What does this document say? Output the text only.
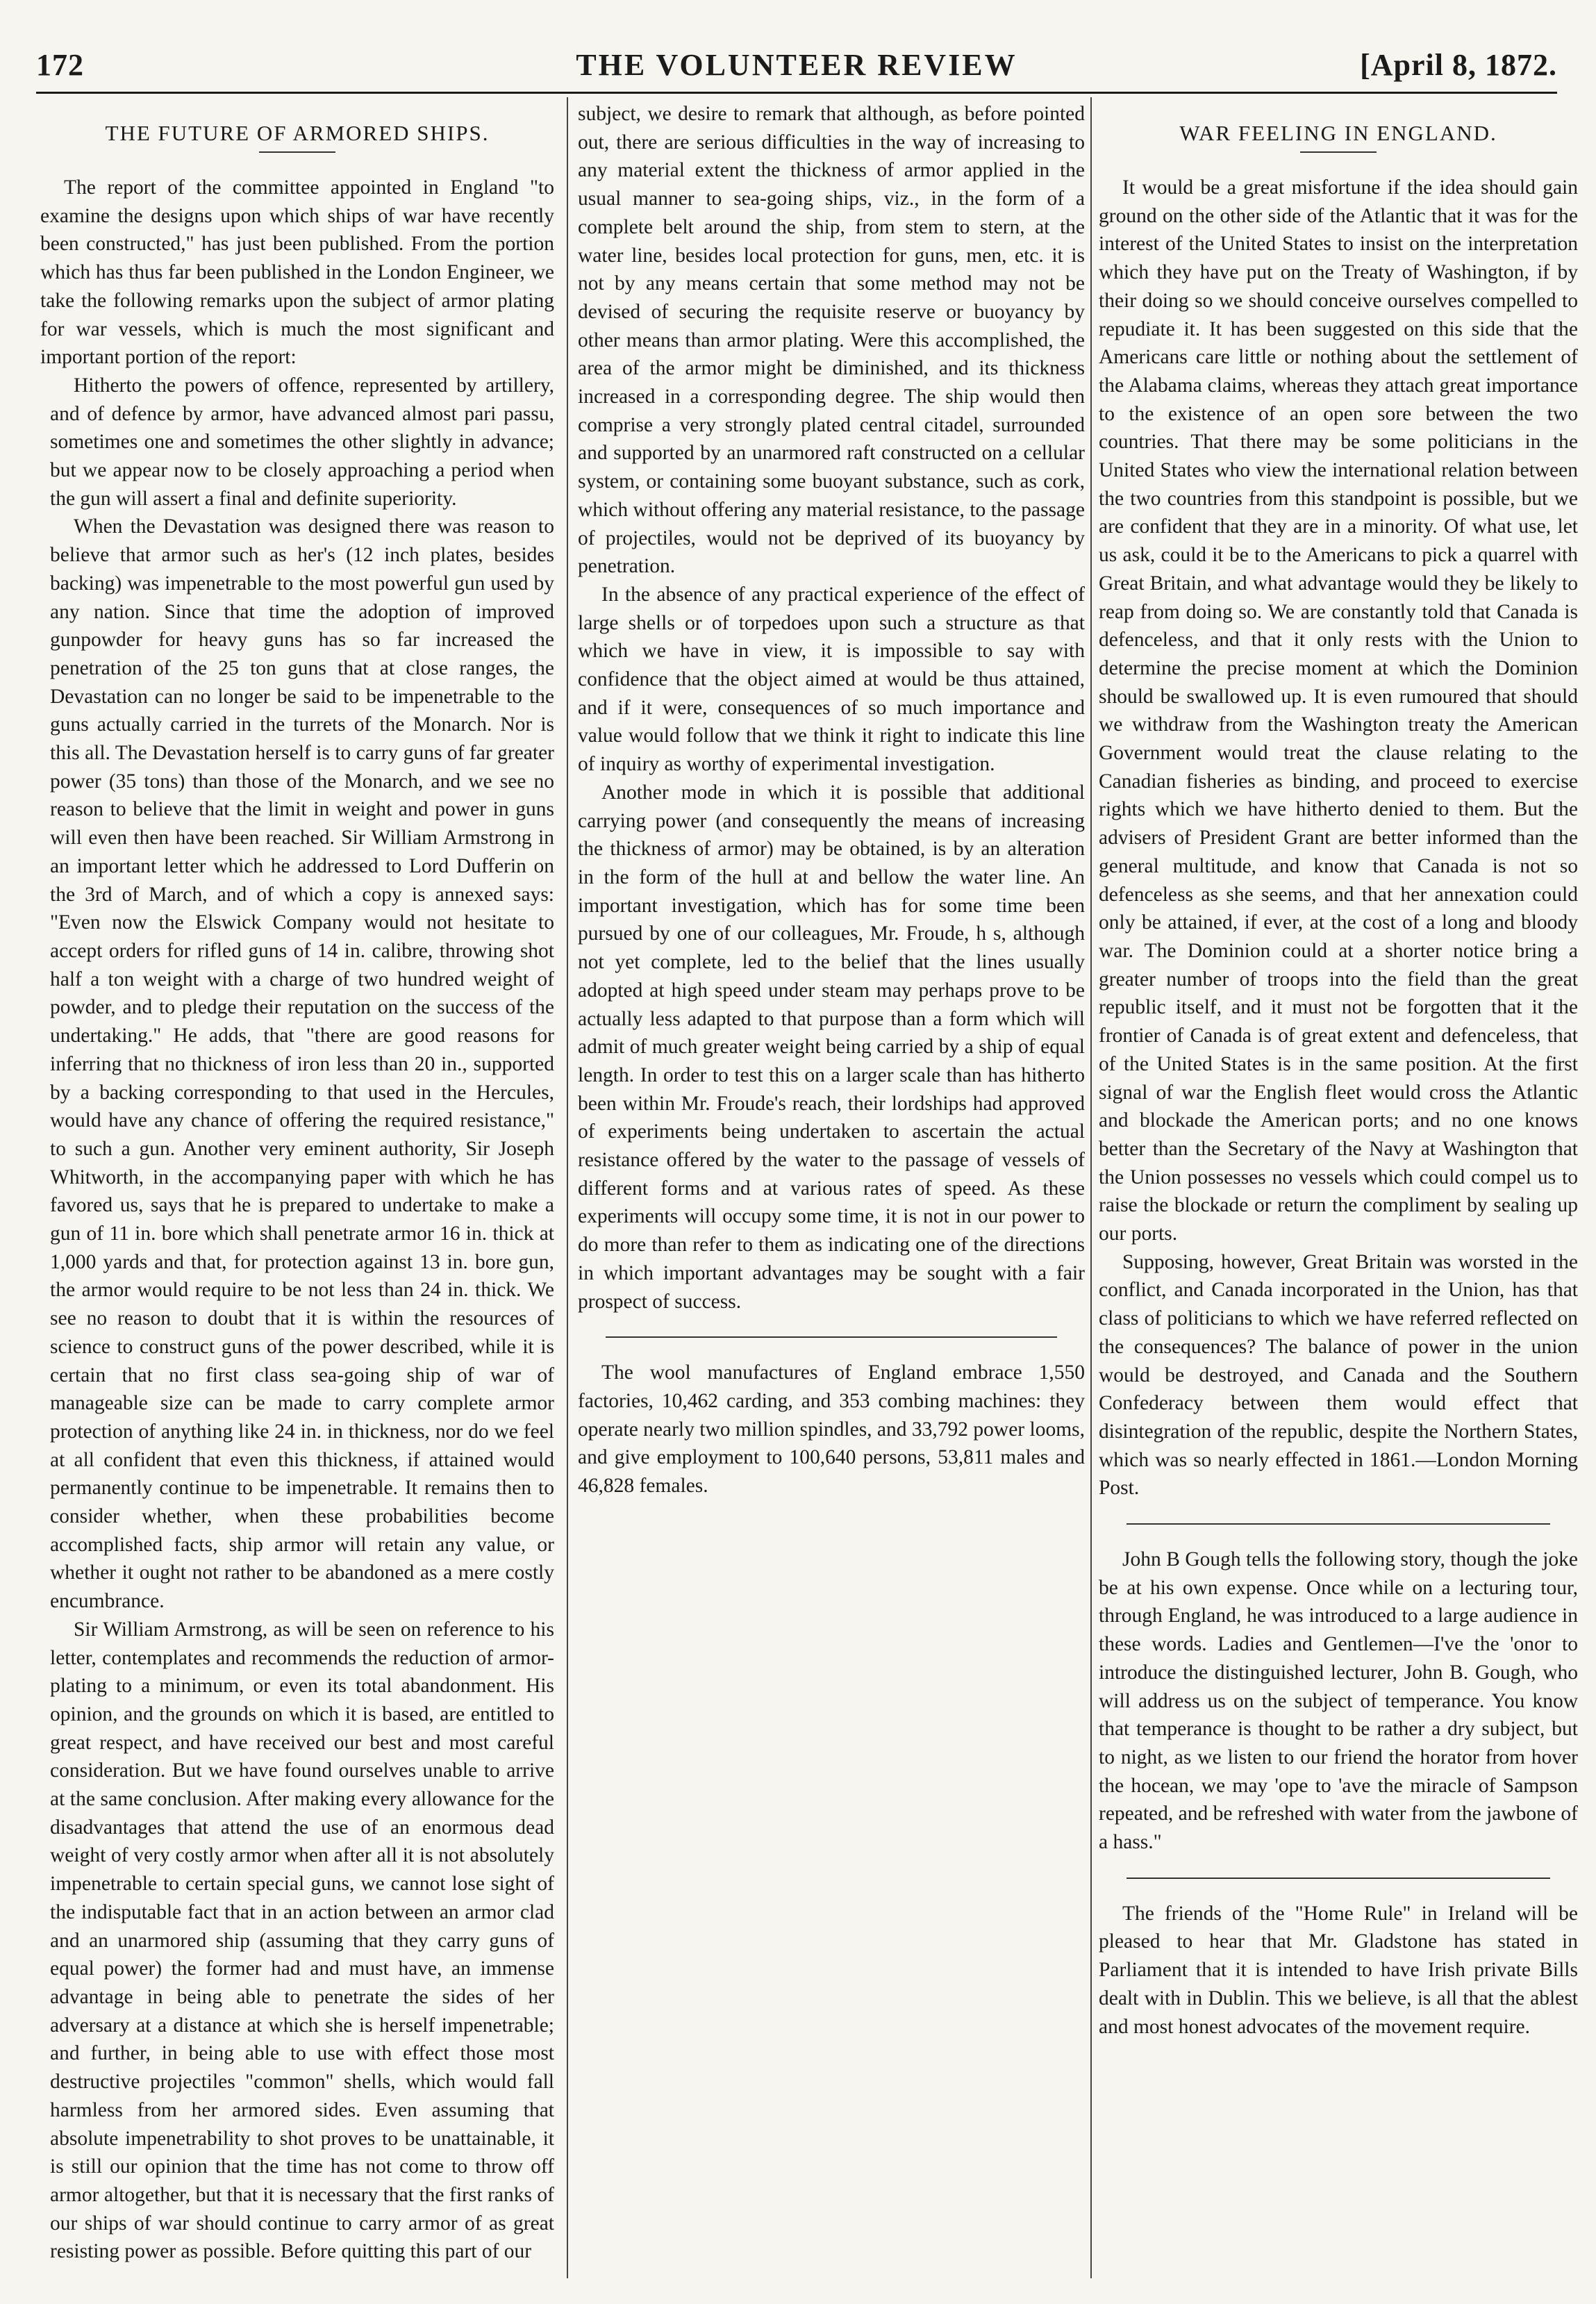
172	THE VOLUNTEER REVIEW	[April 8, 1872.
THE FUTURE OF ARMORED SHIPS.

The report of the committee appointed in England "to examine the designs upon which ships of war have recently been constructed," has just been published. From the portion which has thus far been published in the London Engineer, we take the following remarks upon the subject of armor plating for war vessels, which is much the most significant and important portion of the report:

Hitherto the powers of offence, represented by artillery, and of defence by armor, have advanced almost pari passu, sometimes one and sometimes the other slightly in advance; but we appear now to be closely approaching a period when the gun will assert a final and definite superiority.

When the Devastation was designed there was reason to believe that armor such as her's (12 inch plates, besides backing) was impenetrable to the most powerful gun used by any nation. Since that time the adoption of improved gunpowder for heavy guns has so far increased the penetration of the 25 ton guns that at close ranges, the Devastation can no longer be said to be impenetrable to the guns actually carried in the turrets of the Monarch. Nor is this all. The Devastation herself is to carry guns of far greater power (35 tons) than those of the Monarch, and we see no reason to believe that the limit in weight and power in guns will even then have been reached. Sir William Armstrong in an important letter which he addressed to Lord Dufferin on the 3rd of March, and of which a copy is annexed says: "Even now the Elswick Company would not hesitate to accept orders for rifled guns of 14 in. calibre, throwing shot half a ton weight with a charge of two hundred weight of powder, and to pledge their reputation on the success of the undertaking." He adds, that "there are good reasons for inferring that no thickness of iron less than 20 in., supported by a backing corresponding to that used in the Hercules, would have any chance of offering the required resistance," to such a gun. Another very eminent authority, Sir Joseph Whitworth, in the accompanying paper with which he has favored us, says that he is prepared to undertake to make a gun of 11 in. bore which shall penetrate armor 16 in. thick at 1,000 yards and that, for protection against 13 in. bore gun, the armor would require to be not less than 24 in. thick. We see no reason to doubt that it is within the resources of science to construct guns of the power described, while it is certain that no first class sea-going ship of war of manageable size can be made to carry complete armor protection of anything like 24 in. in thickness, nor do we feel at all confident that even this thickness, if attained would permanently continue to be impenetrable. It remains then to consider whether, when these probabilities become accomplished facts, ship armor will retain any value, or whether it ought not rather to be abandoned as a mere costly encumbrance.

Sir William Armstrong, as will be seen on reference to his letter, contemplates and recommends the reduction of armor-plating to a minimum, or even its total abandonment. His opinion, and the grounds on which it is based, are entitled to great respect, and have received our best and most careful consideration. But we have found ourselves unable to arrive at the same conclusion. After making every allowance for the disadvantages that attend the use of an enormous dead weight of very costly armor when after all it is not absolutely impenetrable to certain special guns, we cannot lose sight of the indisputable fact that in an action between an armor clad and an unarmored ship (assuming that they carry guns of equal power) the former had and must have, an immense advantage in being able to penetrate the sides of her adversary at a distance at which she is herself impenetrable; and further, in being able to use with effect those most destructive projectiles "common" shells, which would fall harmless from her armored sides. Even assuming that absolute impenetrability to shot proves to be unattainable, it is still our opinion that the time has not come to throw off armor altogether, but that it is necessary that the first ranks of our ships of war should continue to carry armor of as great resisting power as possible. Before quitting this part of our

subject, we desire to remark that although, as before pointed out, there are serious difficulties in the way of increasing to any material extent the thickness of armor applied in the usual manner to sea-going ships, viz., in the form of a complete belt around the ship, from stem to stern, at the water line, besides local protection for guns, men, etc. it is not by any means certain that some method may not be devised of securing the requisite reserve or buoyancy by other means than armor plating. Were this accomplished, the area of the armor might be diminished, and its thickness increased in a corresponding degree. The ship would then comprise a very strongly plated central citadel, surrounded and supported by an unarmored raft constructed on a cellular system, or containing some buoyant substance, such as cork, which without offering any material resistance, to the passage of projectiles, would not be deprived of its buoyancy by penetration.

In the absence of any practical experience of the effect of large shells or of torpedoes upon such a structure as that which we have in view, it is impossible to say with confidence that the object aimed at would be thus attained, and if it were, consequences of so much importance and value would follow that we think it right to indicate this line of inquiry as worthy of experimental investigation.

Another mode in which it is possible that additional carrying power (and consequently the means of increasing the thickness of armor) may be obtained, is by an alteration in the form of the hull at and bellow the water line. An important investigation, which has for some time been pursued by one of our colleagues, Mr. Froude, h s, although not yet complete, led to the belief that the lines usually adopted at high speed under steam may perhaps prove to be actually less adapted to that purpose than a form which will admit of much greater weight being carried by a ship of equal length. In order to test this on a larger scale than has hitherto been within Mr. Froude's reach, their lordships had approved of experiments being undertaken to ascertain the actual resistance offered by the water to the passage of vessels of different forms and at various rates of speed. As these experiments will occupy some time, it is not in our power to do more than refer to them as indicating one of the directions in which important advantages may be sought with a fair prospect of success.

The wool manufactures of England embrace 1,550 factories, 10,462 carding, and 353 combing machines: they operate nearly two million spindles, and 33,792 power looms, and give employment to 100,640 persons, 53,811 males and 46,828 females.

WAR FEELING IN ENGLAND.

It would be a great misfortune if the idea should gain ground on the other side of the Atlantic that it was for the interest of the United States to insist on the interpretation which they have put on the Treaty of Washington, if by their doing so we should conceive ourselves compelled to repudiate it. It has been suggested on this side that the Americans care little or nothing about the settlement of the Alabama claims, whereas they attach great importance to the existence of an open sore between the two countries. That there may be some politicians in the United States who view the international relation between the two countries from this standpoint is possible, but we are confident that they are in a minority. Of what use, let us ask, could it be to the Americans to pick a quarrel with Great Britain, and what advantage would they be likely to reap from doing so. We are constantly told that Canada is defenceless, and that it only rests with the Union to determine the precise moment at which the Dominion should be swallowed up. It is even rumoured that should we withdraw from the Washington treaty the American Government would treat the clause relating to the Canadian fisheries as binding, and proceed to exercise rights which we have hitherto denied to them. But the advisers of President Grant are better informed than the general multitude, and know that Canada is not so defenceless as she seems, and that her annexation could only be attained, if ever, at the cost of a long and bloody war. The Dominion could at a shorter notice bring a greater number of troops into the field than the great republic itself, and it must not be forgotten that it the frontier of Canada is of great extent and defenceless, that of the United States is in the same position. At the first signal of war the English fleet would cross the Atlantic and blockade the American ports; and no one knows better than the Secretary of the Navy at Washington that the Union possesses no vessels which could compel us to raise the blockade or return the compliment by sealing up our ports.

Supposing, however, Great Britain was worsted in the conflict, and Canada incorporated in the Union, has that class of politicians to which we have referred reflected on the consequences? The balance of power in the union would be destroyed, and Canada and the Southern Confederacy between them would effect that disintegration of the republic, despite the Northern States, which was so nearly effected in 1861.—London Morning Post.

John B Gough tells the following story, though the joke be at his own expense. Once while on a lecturing tour, through England, he was introduced to a large audience in these words. Ladies and Gentlemen—I've the 'onor to introduce the distinguished lecturer, John B. Gough, who will address us on the subject of temperance. You know that temperance is thought to be rather a dry subject, but to night, as we listen to our friend the horator from hover the hocean, we may 'ope to 'ave the miracle of Sampson repeated, and be refreshed with water from the jawbone of a hass."

The friends of the "Home Rule" in Ireland will be pleased to hear that Mr. Gladstone has stated in Parliament that it is intended to have Irish private Bills dealt with in Dublin. This we believe, is all that the ablest and most honest advocates of the movement require.
